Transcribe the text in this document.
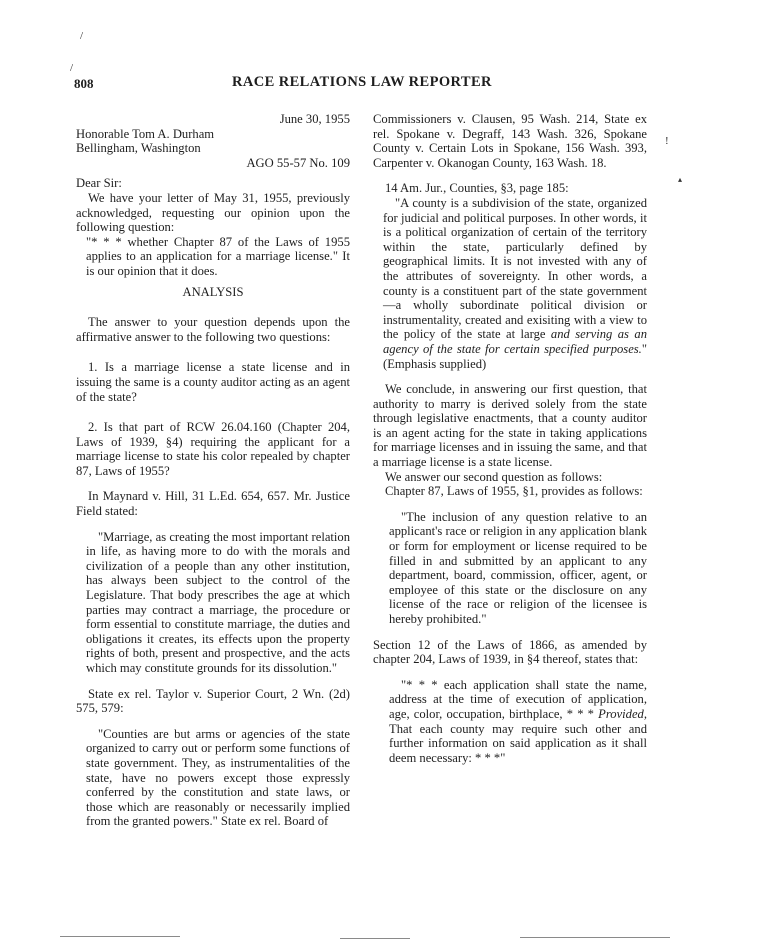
/
/
!
▴
808	RACE RELATIONS LAW REPORTER

June 30, 1955

Honorable Tom A. Durham

Bellingham, Washington

AGO 55-57 No. 109

Dear Sir:

We have your letter of May 31, 1955, previously acknowledged, requesting our opinion upon the following question:

"* * * whether Chapter 87 of the Laws of 1955 applies to an application for a marriage license." It is our opinion that it does.

ANALYSIS

The answer to your question depends upon the affirmative answer to the following two questions:

1. Is a marriage license a state license and in issuing the same is a county auditor acting as an agent of the state?

2. Is that part of RCW 26.04.160 (Chapter 204, Laws of 1939, §4) requiring the applicant for a marriage license to state his color repealed by chapter 87, Laws of 1955?

In Maynard v. Hill, 31 L.Ed. 654, 657. Mr. Justice Field stated:

"Marriage, as creating the most important relation in life, as having more to do with the morals and civilization of a people than any other institution, has always been subject to the control of the Legislature. That body prescribes the age at which parties may contract a marriage, the procedure or form essential to constitute marriage, the duties and obligations it creates, its effects upon the property rights of both, present and prospective, and the acts which may constitute grounds for its dissolution."

State ex rel. Taylor v. Superior Court, 2 Wn. (2d) 575, 579:

"Counties are but arms or agencies of the state organized to carry out or perform some functions of state government. They, as instrumentalities of the state, have no powers except those expressly conferred by the constitution and state laws, or those which are reasonably or necessarily implied from the granted powers." State ex rel. Board of

Commissioners v. Clausen, 95 Wash. 214, State ex rel. Spokane v. Degraff, 143 Wash. 326, Spokane County v. Certain Lots in Spokane, 156 Wash. 393, Carpenter v. Okanogan County, 163 Wash. 18.

14 Am. Jur., Counties, §3, page 185:

"A county is a subdivision of the state, organized for judicial and political purposes. In other words, it is a political organization of certain of the territory within the state, particularly defined by geographical limits. It is not invested with any of the attributes of sovereignty. In other words, a county is a constituent part of the state government—a wholly subordinate political division or instrumentality, created and exisiting with a view to the policy of the state at large and serving as an agency of the state for certain specified purposes." (Emphasis supplied)

We conclude, in answering our first question, that authority to marry is derived solely from the state through legislative enactments, that a county auditor is an agent acting for the state in taking applications for marriage licenses and in issuing the same, and that a marriage license is a state license.

We answer our second question as follows:

Chapter 87, Laws of 1955, §1, provides as follows:

"The inclusion of any question relative to an applicant's race or religion in any application blank or form for employment or license required to be filled in and submitted by an applicant to any department, board, commission, officer, agent, or employee of this state or the disclosure on any license of the race or religion of the licensee is hereby prohibited."

Section 12 of the Laws of 1866, as amended by chapter 204, Laws of 1939, in §4 thereof, states that:

"* * * each application shall state the name, address at the time of execution of application, age, color, occupation, birthplace, * * * Provided, That each county may require such other and further information on said application as it shall deem necessary: * * *"
